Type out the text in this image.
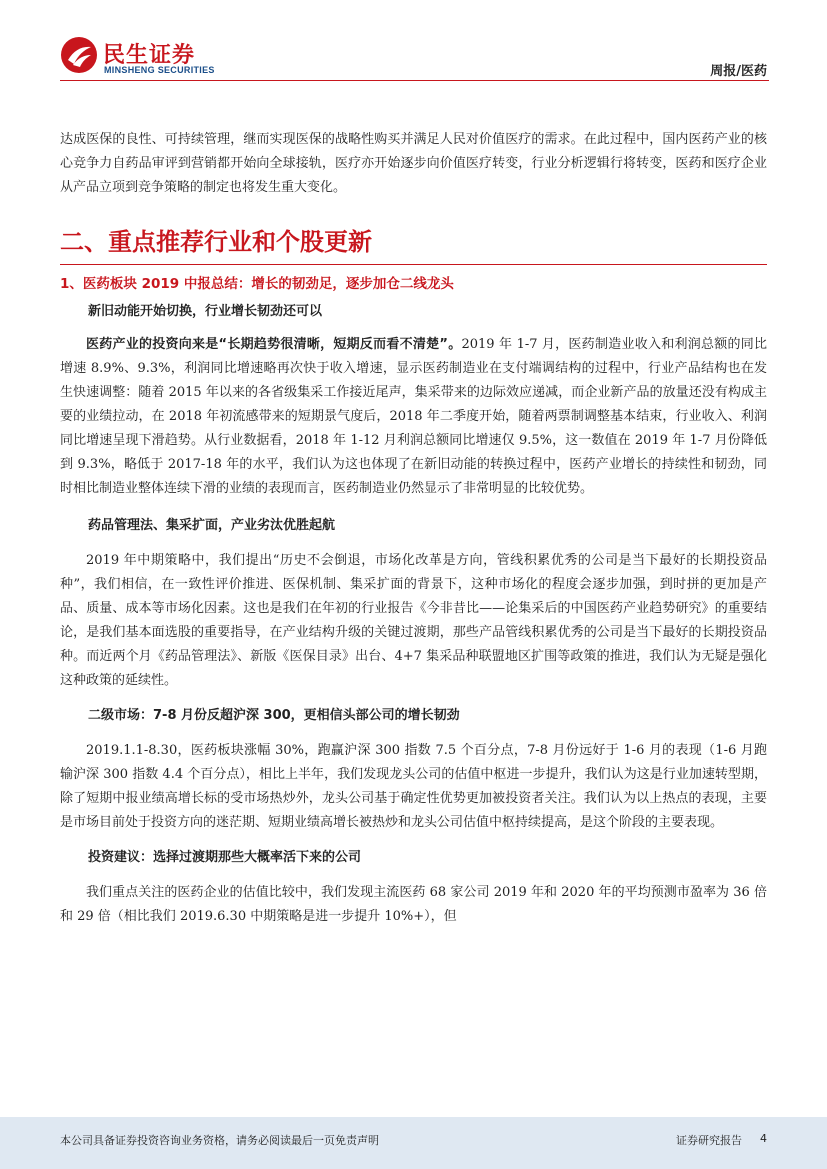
民生证券
MINSHENG SECURITIES	周报/医药

达成医保的良性、可持续管理，继而实现医保的战略性购买并满足人民对价值医疗的需求。在此过程中，国内医药产业的核心竞争力自药品审评到营销都开始向全球接轨，医疗亦开始逐步向价值医疗转变，行业分析逻辑行将转变，医药和医疗企业从产品立项到竞争策略的制定也将发生重大变化。

二、重点推荐行业和个股更新

1、医药板块 2019 中报总结：增长的韧劲足，逐步加仓二线龙头

新旧动能开始切换，行业增长韧劲还可以

医药产业的投资向来是“长期趋势很清晰，短期反而看不清楚”。2019 年 1-7 月，医药制造业收入和利润总额的同比增速 8.9%、9.3%，利润同比增速略再次快于收入增速，显示医药制造业在支付端调结构的过程中，行业产品结构也在发生快速调整：随着 2015 年以来的各省级集采工作接近尾声，集采带来的边际效应递减，而企业新产品的放量还没有构成主要的业绩拉动，在 2018 年初流感带来的短期景气度后，2018 年二季度开始，随着两票制调整基本结束，行业收入、利润同比增速呈现下滑趋势。从行业数据看，2018 年 1-12 月利润总额同比增速仅 9.5%，这一数值在 2019 年 1-7 月份降低到 9.3%，略低于 2017-18 年的水平，我们认为这也体现了在新旧动能的转换过程中，医药产业增长的持续性和韧劲，同时相比制造业整体连续下滑的业绩的表现而言，医药制造业仍然显示了非常明显的比较优势。

药品管理法、集采扩面，产业劣汰优胜起航

2019 年中期策略中，我们提出“历史不会倒退，市场化改革是方向，管线积累优秀的公司是当下最好的长期投资品种”，我们相信，在一致性评价推进、医保机制、集采扩面的背景下，这种市场化的程度会逐步加强，到时拼的更加是产品、质量、成本等市场化因素。这也是我们在年初的行业报告《今非昔比——论集采后的中国医药产业趋势研究》的重要结论，是我们基本面选股的重要指导，在产业结构升级的关键过渡期，那些产品管线积累优秀的公司是当下最好的长期投资品种。而近两个月《药品管理法》、新版《医保目录》出台、4+7 集采品种联盟地区扩围等政策的推进，我们认为无疑是强化这种政策的延续性。

二级市场：7-8 月份反超沪深 300，更相信头部公司的增长韧劲

2019.1.1-8.30，医药板块涨幅 30%，跑赢沪深 300 指数 7.5 个百分点，7-8 月份远好于 1-6 月的表现（1-6 月跑输沪深 300 指数 4.4 个百分点），相比上半年，我们发现龙头公司的估值中枢进一步提升，我们认为这是行业加速转型期，除了短期中报业绩高增长标的受市场热炒外，龙头公司基于确定性优势更加被投资者关注。我们认为以上热点的表现，主要是市场目前处于投资方向的迷茫期、短期业绩高增长被热炒和龙头公司估值中枢持续提高，是这个阶段的主要表现。

投资建议：选择过渡期那些大概率活下来的公司

我们重点关注的医药企业的估值比较中，我们发现主流医药 68 家公司 2019 年和 2020 年的平均预测市盈率为 36 倍和 29 倍（相比我们 2019.6.30 中期策略是进一步提升 10%+），但

本公司具备证券投资咨询业务资格，请务必阅读最后一页免责声明	证券研究报告 4
